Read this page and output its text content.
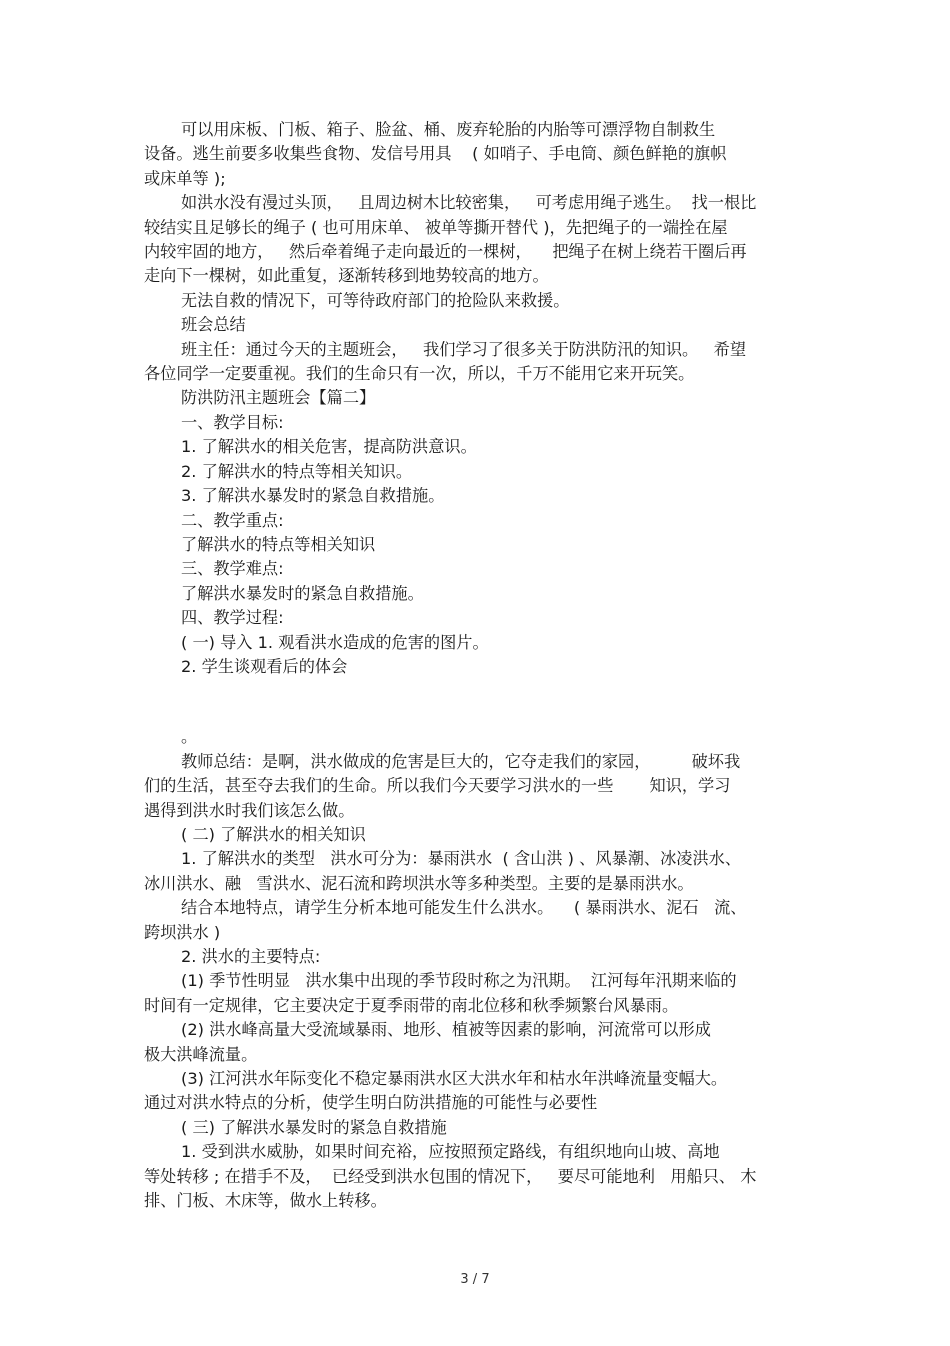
可以用床板、门板、箱子、脸盆、桶、废弃轮胎的内胎等可漂浮物自制救生

设备。逃生前要多收集些食物、发信号用具    ( 如哨子、手电筒、颜色鲜艳的旗帜

或床单等 );

如洪水没有漫过头顶，   且周边树木比较密集，   可考虑用绳子逃生。  找一根比

较结实且足够长的绳子 ( 也可用床单、 被单等撕开替代 )，先把绳子的一端拴在屋

内较牢固的地方，   然后牵着绳子走向最近的一棵树，    把绳子在树上绕若干圈后再

走向下一棵树，如此重复，逐渐转移到地势较高的地方。

无法自救的情况下，可等待政府部门的抢险队来救援。

班会总结

班主任：通过今天的主题班会，   我们学习了很多关于防洪防汛的知识。   希望

各位同学一定要重视。我们的生命只有一次，所以，千万不能用它来开玩笑。

防洪防汛主题班会【篇二】

一、教学目标:

1. 了解洪水的相关危害，提高防洪意识。

2. 了解洪水的特点等相关知识。

3. 了解洪水暴发时的紧急自救措施。

二、教学重点:

了解洪水的特点等相关知识

三、教学难点:

了解洪水暴发时的紧急自救措施。

四、教学过程:

( 一) 导入 1. 观看洪水造成的危害的图片。

2. 学生谈观看后的体会

。

教师总结：是啊，洪水做成的危害是巨大的，它夺走我们的家园，        破坏我

们的生活，甚至夺去我们的生命。所以我们今天要学习洪水的一些       知识，学习

遇得到洪水时我们该怎么做。

( 二) 了解洪水的相关知识

1. 了解洪水的类型   洪水可分为：暴雨洪水  ( 含山洪 ) 、风暴潮、冰凌洪水、

冰川洪水、融   雪洪水、泥石流和跨坝洪水等多种类型。主要的是暴雨洪水。

结合本地特点，请学生分析本地可能发生什么洪水。    ( 暴雨洪水、泥石   流、

跨坝洪水 )

2. 洪水的主要特点:

(1) 季节性明显   洪水集中出现的季节段时称之为汛期。  江河每年汛期来临的

时间有一定规律，它主要决定于夏季雨带的南北位移和秋季频繁台风暴雨。

(2) 洪水峰高量大受流域暴雨、地形、植被等因素的影响，河流常可以形成

极大洪峰流量。

(3) 江河洪水年际变化不稳定暴雨洪水区大洪水年和枯水年洪峰流量变幅大。

通过对洪水特点的分析，使学生明白防洪措施的可能性与必要性

( 三) 了解洪水暴发时的紧急自救措施

1. 受到洪水威胁，如果时间充裕，应按照预定路线，有组织地向山坡、高地

等处转移 ; 在措手不及，  已经受到洪水包围的情况下，   要尽可能地利   用船只、 木

排、门板、木床等，做水上转移。

3 / 7
